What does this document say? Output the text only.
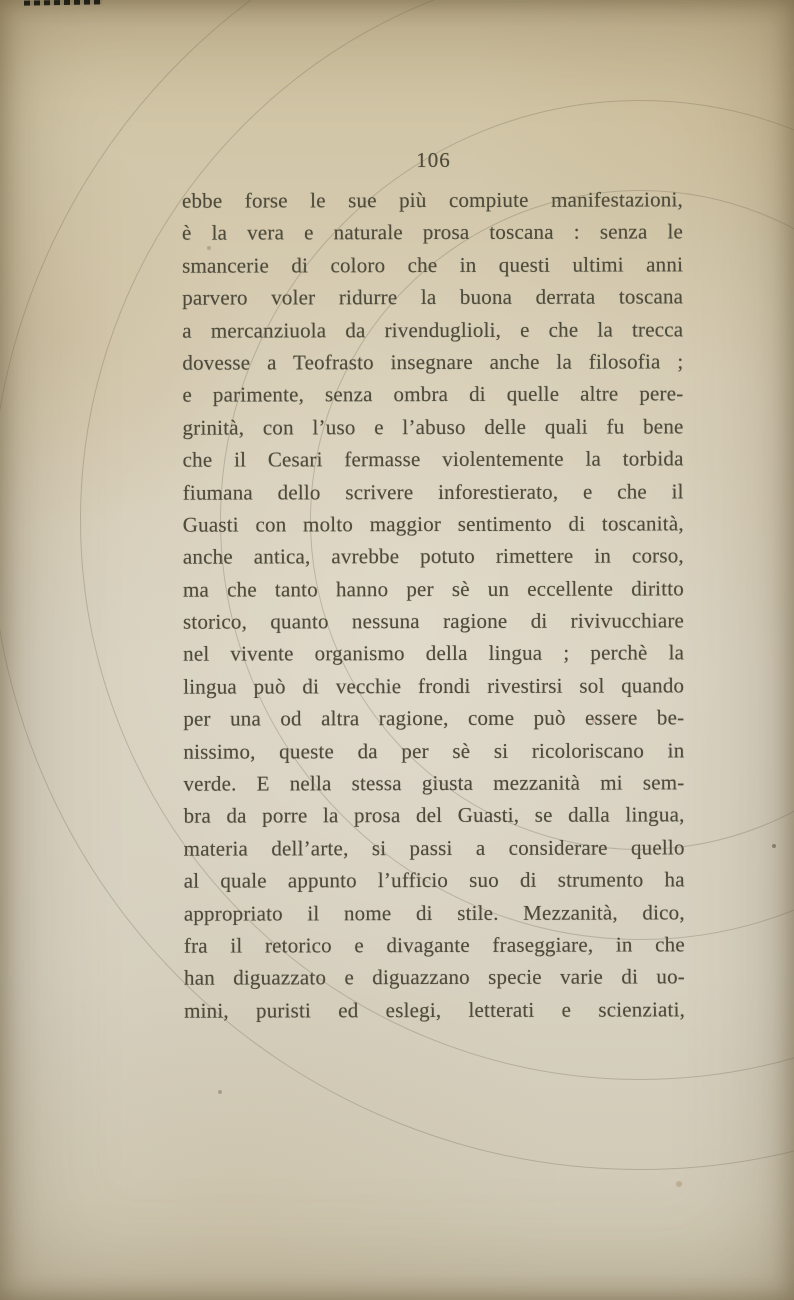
106
ebbe forse le sue più compiute manifestazioni,
è la vera e naturale prosa toscana : senza le
smancerie di coloro che in questi ultimi anni
parvero voler ridurre la buona derrata toscana
a mercanziuola da rivenduglioli, e che la trecca
dovesse a Teofrasto insegnare anche la filosofia ;
e parimente, senza ombra di quelle altre pere-
grinità, con l’uso e l’abuso delle quali fu bene
che il Cesari fermasse violentemente la torbida
fiumana dello scrivere inforestierato, e che il
Guasti con molto maggior sentimento di toscanità,
anche antica, avrebbe potuto rimettere in corso,
ma che tanto hanno per sè un eccellente diritto
storico, quanto nessuna ragione di rivivucchiare
nel vivente organismo della lingua ; perchè la
lingua può di vecchie frondi rivestirsi sol quando
per una od altra ragione, come può essere be-
nissimo, queste da per sè si ricoloriscano in
verde. E nella stessa giusta mezzanità mi sem-
bra da porre la prosa del Guasti, se dalla lingua,
materia dell’arte, si passi a considerare quello
al quale appunto l’ufficio suo di strumento ha
appropriato il nome di stile. Mezzanità, dico,
fra il retorico e divagante fraseggiare, in che
han diguazzato e diguazzano specie varie di uo-
mini, puristi ed eslegi, letterati e scienziati,
